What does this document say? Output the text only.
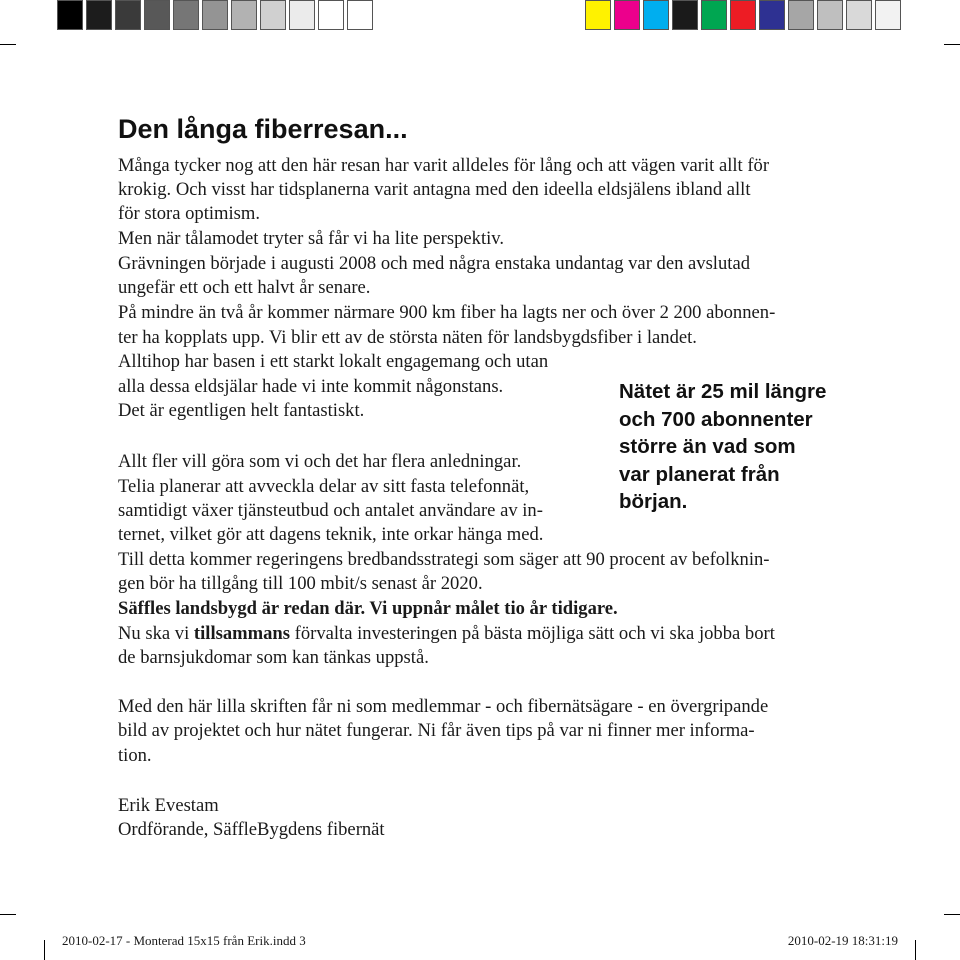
Den långa fiberresan...
Många tycker nog att den här resan har varit alldeles för lång och att vägen varit allt för
krokig. Och visst har tidsplanerna varit antagna med den ideella eldsjälens ibland allt
för stora optimism.
Men när tålamodet tryter så får vi ha lite perspektiv.
Grävningen började i augusti 2008 och med några enstaka undantag var den avslutad
ungefär ett och ett halvt år senare.
På mindre än två år kommer närmare 900 km fiber ha lagts ner och över 2 200 abonnen-
ter ha kopplats upp. Vi blir ett av de största näten för landsbygdsfiber i landet.
Alltihop har basen i ett starkt lokalt engagemang och utan
alla dessa eldsjälar hade vi inte kommit någonstans.
Det är egentligen helt fantastiskt.
Allt fler vill göra som vi och det har flera anledningar.
Telia planerar att avveckla delar av sitt fasta telefonnät,
samtidigt växer tjänsteutbud och antalet användare av in-
ternet, vilket gör att dagens teknik, inte orkar hänga med.
Till detta kommer regeringens bredbandsstrategi som säger att 90 procent av befolknin-
gen bör ha tillgång till 100 mbit/s senast år 2020.
Säffles landsbygd är redan där. Vi uppnår målet tio år tidigare.
Nu ska vi tillsammans förvalta investeringen på bästa möjliga sätt och vi ska jobba bort
de barnsjukdomar som kan tänkas uppstå.
Med den här lilla skriften får ni som medlemmar - och fibernätsägare - en övergripande
bild av projektet och hur nätet fungerar. Ni får även tips på var ni finner mer informa-
tion.
Erik Evestam
Ordförande, SäffleBygdens fibernät
Nätet är 25 mil längre
och 700 abonnenter
större än vad som
var planerat från
början.
2010-02-17 - Monterad 15x15 från Erik.indd 3	2010-02-19 18:31:19
